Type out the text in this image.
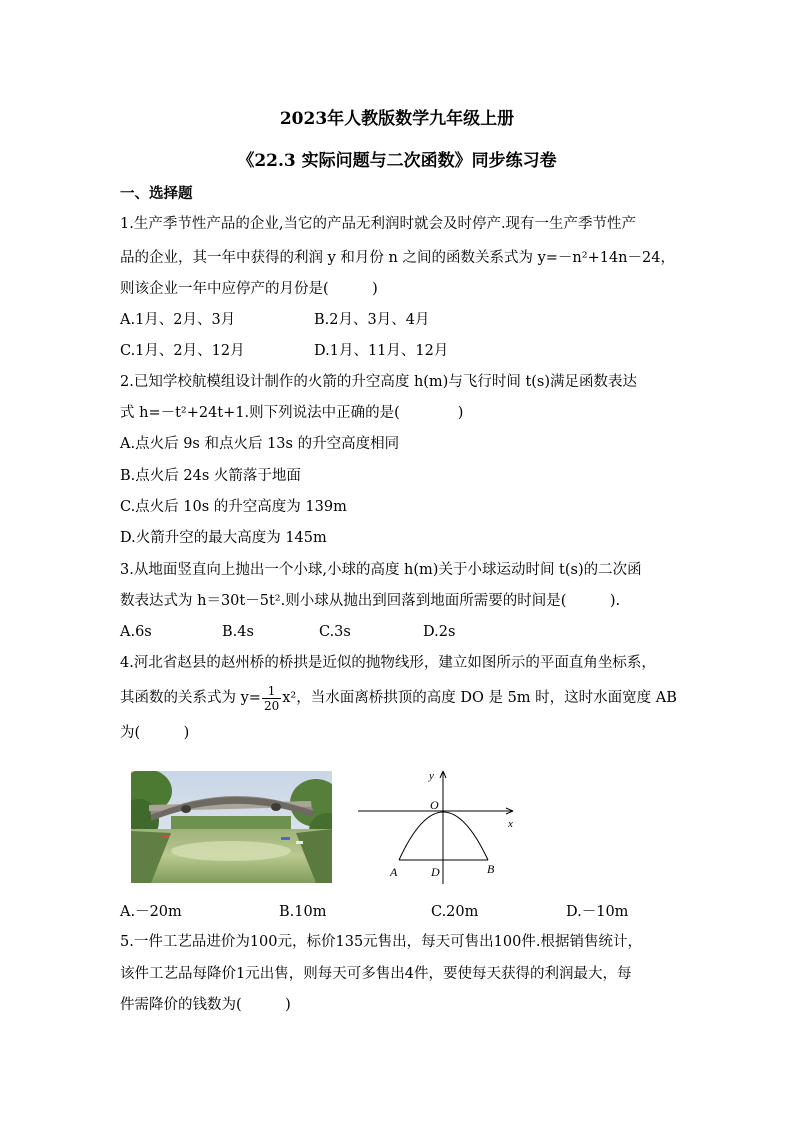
2023年人教版数学九年级上册
《22.3 实际问题与二次函数》同步练习卷
一、选择题
1.生产季节性产品的企业,当它的产品无利润时就会及时停产.现有一生产季节性产
品的企业，其一年中获得的利润 y 和月份 n 之间的函数关系式为 y=－n²+14n－24，
则该企业一年中应停产的月份是(　　　)
A.1月、2月、3月	B.2月、3月、4月
C.1月、2月、12月	D.1月、11月、12月
2.已知学校航模组设计制作的火箭的升空高度 h(m)与飞行时间 t(s)满足函数表达
式 h=－t²+24t+1.则下列说法中正确的是(　　　　)
A.点火后 9s 和点火后 13s 的升空高度相同
B.点火后 24s 火箭落于地面
C.点火后 10s 的升空高度为 139m
D.火箭升空的最大高度为 145m
3.从地面竖直向上抛出一个小球,小球的高度 h(m)关于小球运动时间 t(s)的二次函
数表达式为 h＝30t－5t².则小球从抛出到回落到地面所需要的时间是(　　　).
A.6s	B.4s	C.3s	D.2s
4.河北省赵县的赵州桥的桥拱是近似的抛物线形，建立如图所示的平面直角坐标系，
其函数的关系式为 $y= \frac{1}{20} x^2$，当水面离桥拱顶的高度 DO 是 5m 时，这时水面宽度 AB
为(　　　)
y
x
O
A	D	B
A.－20m	B.10m	C.20m	D.－10m
5.一件工艺品进价为100元，标价135元售出，每天可售出100件.根据销售统计，
该件工艺品每降价1元出售，则每天可多售出4件，要使每天获得的利润最大，每
件需降价的钱数为(　　　)
